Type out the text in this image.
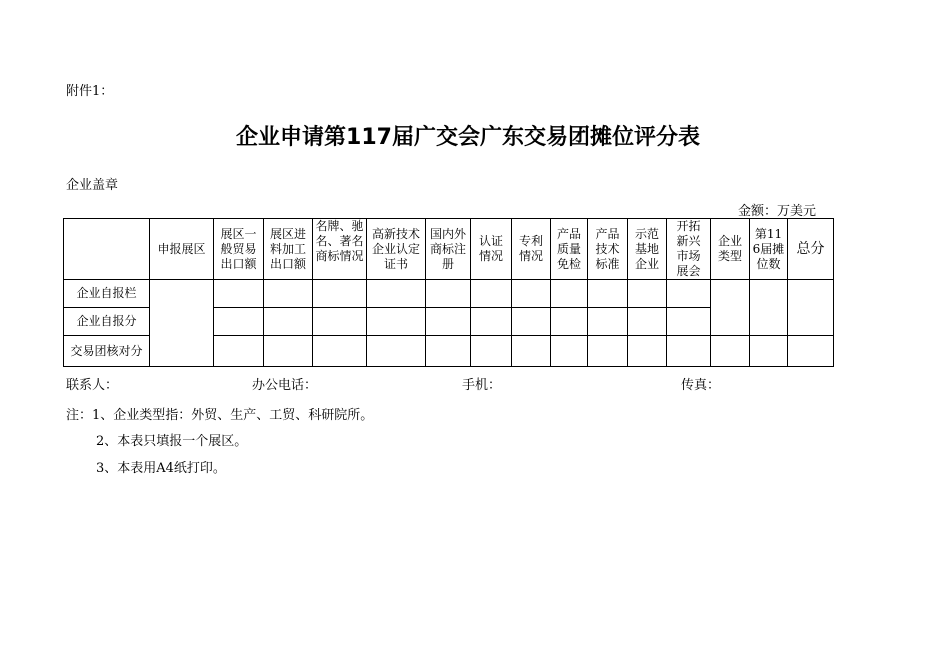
附件1：
企业申请第117届广交会广东交易团摊位评分表
企业盖章
金额：万美元
	申报展区	展区一般贸易出口额	展区进料加工出口额	名牌、驰名、著名商标情况	高新技术企业认定证书	国内外商标注册	认证情况	专利情况	产品质量免检	产品技术标准	示范基地企业	开拓新兴市场展会	企业类型	第116届摊位数	总分
企业自报栏															
企业自报分															
交易团核对分															
联系人：	办公电话：	手机：	传真：
注：1、企业类型指：外贸、生产、工贸、科研院所。
2、本表只填报一个展区。
3、本表用A4纸打印。
